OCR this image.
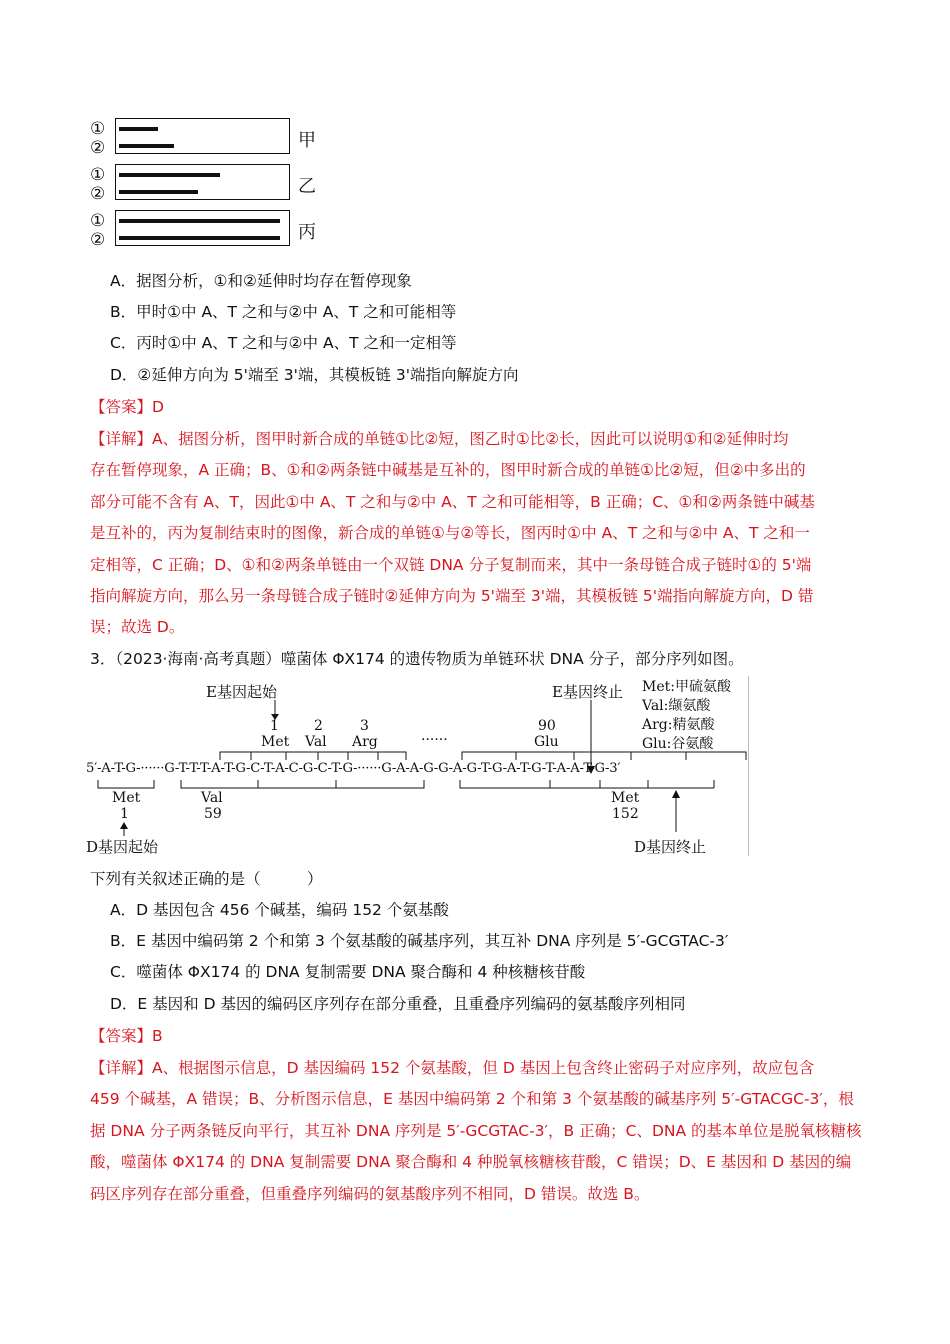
①
②	甲
①
②	乙
①
②	丙
A．据图分析，①和②延伸时均存在暂停现象
B．甲时①中 A、T 之和与②中 A、T 之和可能相等
C．丙时①中 A、T 之和与②中 A、T 之和一定相等
D．②延伸方向为 5'端至 3'端，其模板链 3'端指向解旋方向
【答案】D
【详解】A、据图分析，图甲时新合成的单链①比②短，图乙时①比②长，因此可以说明①和②延伸时均
存在暂停现象，A 正确；B、①和②两条链中碱基是互补的，图甲时新合成的单链①比②短，但②中多出的
部分可能不含有 A、T，因此①中 A、T 之和与②中 A、T 之和可能相等，B 正确；C、①和②两条链中碱基
是互补的，丙为复制结束时的图像，新合成的单链①与②等长，图丙时①中 A、T 之和与②中 A、T 之和一
定相等，C 正确；D、①和②两条单链由一个双链 DNA 分子复制而来，其中一条母链合成子链时①的 5'端
指向解旋方向，那么另一条母链合成子链时②延伸方向为 5'端至 3'端，其模板链 5'端指向解旋方向，D 错
误；故选 D。
3．（2023·海南·高考真题）噬菌体 ΦX174 的遗传物质为单链环状 DNA 分子，部分序列如图。
E基因起始	E基因终止 Met:甲硫氨酸
Val:缬氨酸
Arg:精氨酸
Glu:谷氨酸
1
Met
2
Val
3
Arg	······
90
Glu
5′-A-T-G-······G-T-T-T-A-T-G-C-T-A-C-G-C-T-G-······G-A-A-G-G-A-G-T-G-A-T-G-T-A-A-T-G-3′
Met
1
Val
59
Met
152
D基因起始	D基因终止
下列有关叙述正确的是（　　　）
A．D 基因包含 456 个碱基，编码 152 个氨基酸
B．E 基因中编码第 2 个和第 3 个氨基酸的碱基序列，其互补 DNA 序列是 5′-GCGTAC-3′
C．噬菌体 ΦX174 的 DNA 复制需要 DNA 聚合酶和 4 种核糖核苷酸
D．E 基因和 D 基因的编码区序列存在部分重叠，且重叠序列编码的氨基酸序列相同
【答案】B
【详解】A、根据图示信息，D 基因编码 152 个氨基酸，但 D 基因上包含终止密码子对应序列，故应包含
459 个碱基，A 错误；B、分析图示信息，E 基因中编码第 2 个和第 3 个氨基酸的碱基序列 5′-GTACGC-3′，根
据 DNA 分子两条链反向平行，其互补 DNA 序列是 5′-GCGTAC-3′，B 正确；C、DNA 的基本单位是脱氧核糖核
酸，噬菌体 ΦX174 的 DNA 复制需要 DNA 聚合酶和 4 种脱氧核糖核苷酸，C 错误；D、E 基因和 D 基因的编
码区序列存在部分重叠，但重叠序列编码的氨基酸序列不相同，D 错误。故选 B。
